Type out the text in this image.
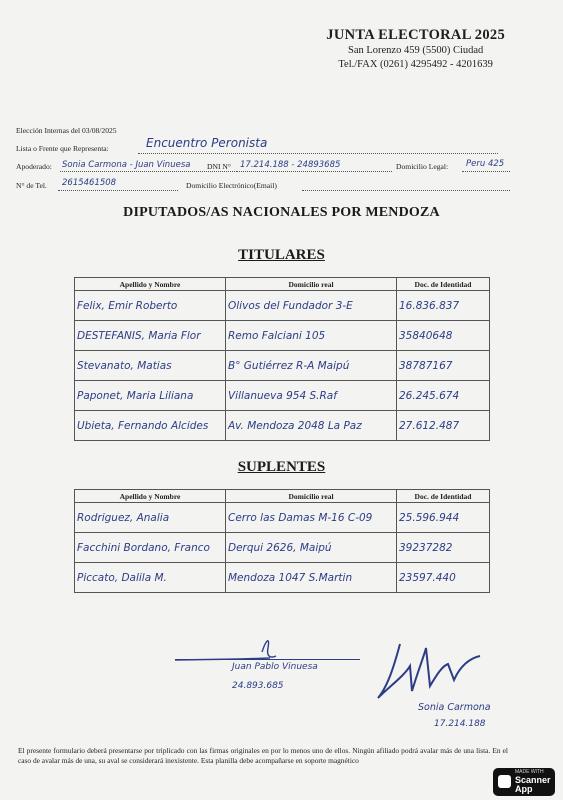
JUNTA ELECTORAL 2025
San Lorenzo 459 (5500) Ciudad
Tel./FAX (0261) 4295492 - 4201639
Elección Internas del 03/08/2025
Lista o Frente que Representa:	Encuentro Peronista
Apoderado: Sonia Carmona - Juan Vinuesa DNI N° 17.214.188 - 24893685	Domicilio Legal: Peru 425
N° de Tel. 2615461508	Domicilio Electrónico(Email)
DIPUTADOS/AS NACIONALES POR MENDOZA
TITULARES
Apellido y Nombre	Domicilio real	Doc. de Identidad
Felix, Emir Roberto	Olivos del Fundador 3-E	16.836.837
DESTEFANIS, Maria Flor	Remo Falciani 105	35840648
Stevanato, Matias	B° Gutiérrez R-A Maipú	38787167
Paponet, Maria Liliana	Villanueva 954 S.Raf	26.245.674
Ubieta, Fernando Alcides	Av. Mendoza 2048 La Paz	27.612.487
SUPLENTES
Apellido y Nombre	Domicilio real	Doc. de Identidad
Rodriguez, Analia	Cerro las Damas M-16 C-09	25.596.944
Facchini Bordano, Franco	Derqui 2626, Maipú	39237282
Piccato, Dalila M.	Mendoza 1047 S.Martin	23597.440
Juan Pablo Vinuesa
24.893.685
Sonia Carmona
17.214.188
El presente formulario deberá presentarse por triplicado con las firmas originales en por lo menos uno de ellos. Ningún afiliado podrá avalar más de una lista. En el caso de avalar más de una, su aval se considerará inexistente. Esta planilla debe acompañarse en soporte magnético
MADE WITH
Scanner App
